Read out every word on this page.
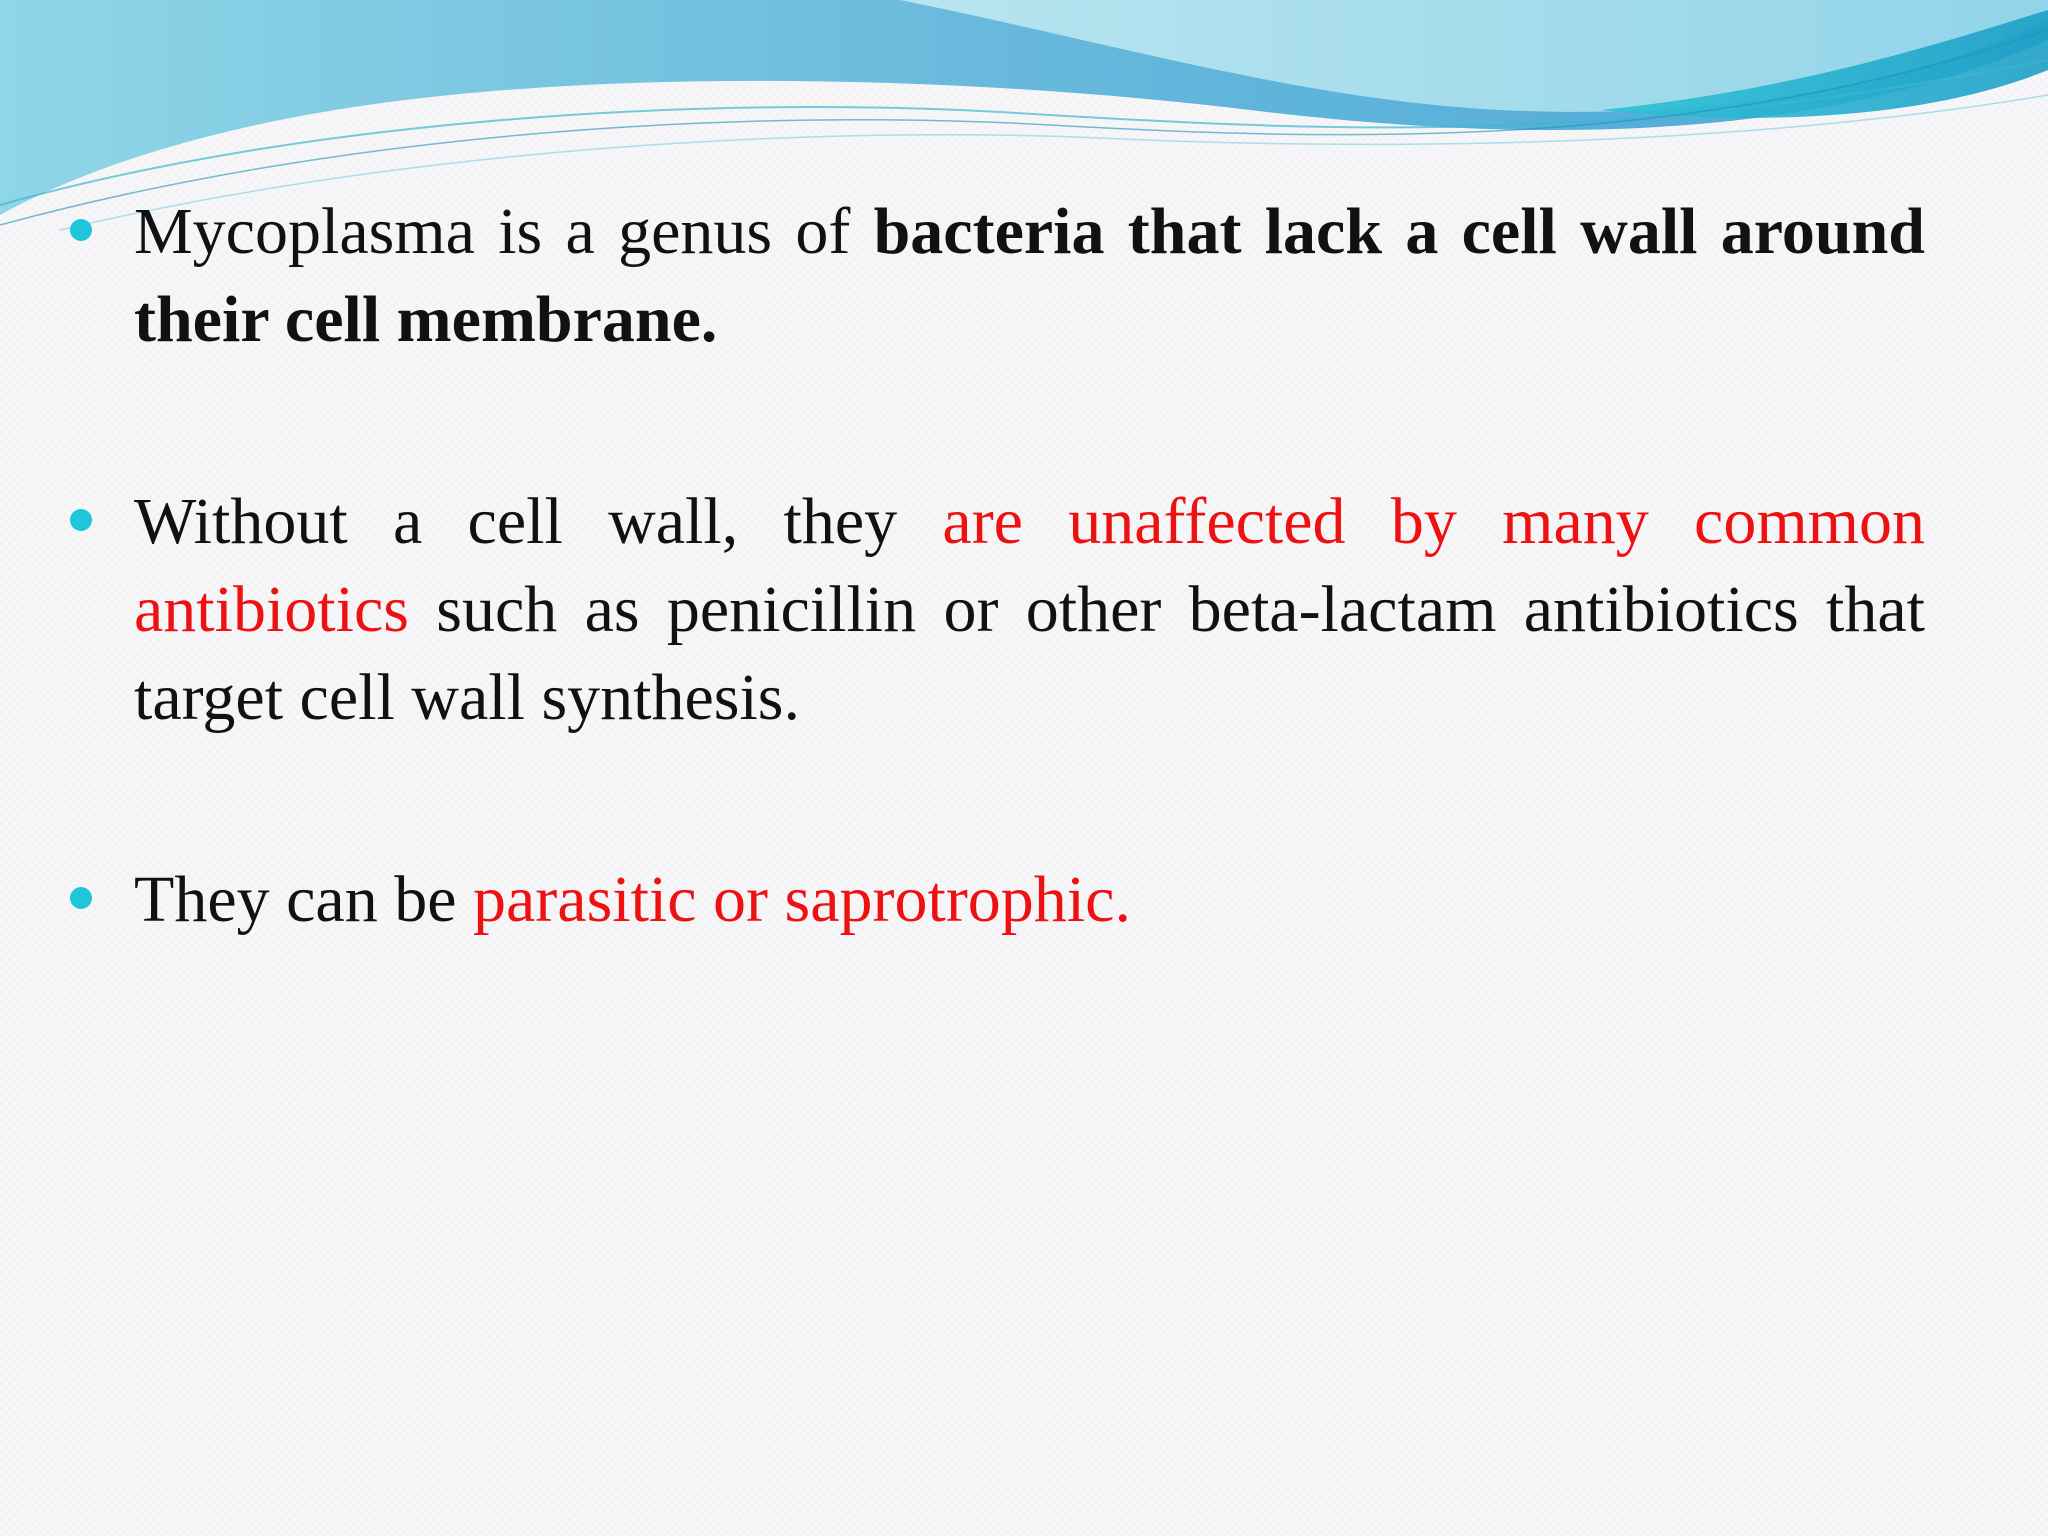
Mycoplasma is a genus of bacteria that lack a cell wall around their cell membrane.
Without a cell wall, they are unaffected by many common antibiotics such as penicillin or other beta-lactam antibiotics that target cell wall synthesis.
They can be parasitic or saprotrophic.
